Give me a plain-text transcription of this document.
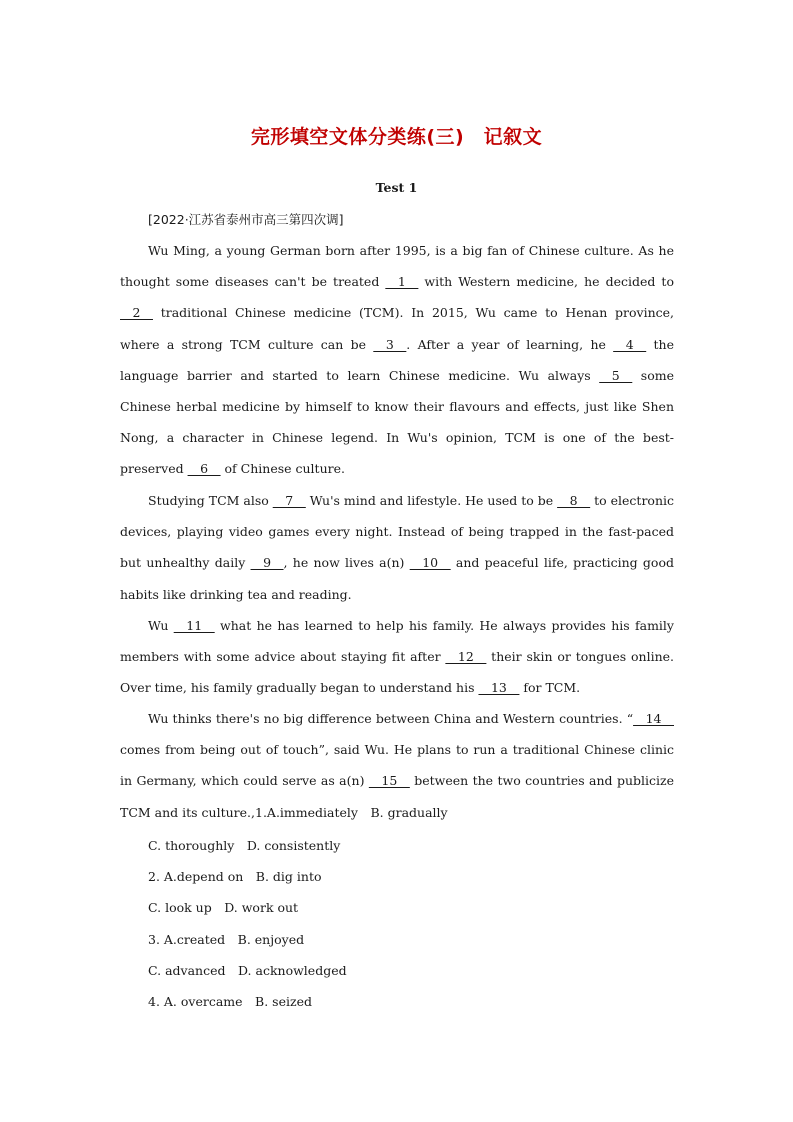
完形填空文体分类练(三)　记叙文
Test 1
[2022·江苏省泰州市高三第四次调]

Wu Ming, a young German born after 1995, is a big fan of Chinese culture. As he thought some diseases can't be treated __1__ with Western medicine, he decided to __2__ traditional Chinese medicine (TCM). In 2015, Wu came to Henan province, where a strong TCM culture can be __3__. After a year of learning, he __4__ the language barrier and started to learn Chinese medicine. Wu always __5__ some Chinese herbal medicine by himself to know their flavours and effects, just like Shen Nong, a character in Chinese legend. In Wu's opinion, TCM is one of the best-preserved __6__ of Chinese culture.

Studying TCM also __7__ Wu's mind and lifestyle. He used to be __8__ to electronic devices, playing video games every night. Instead of being trapped in the fast-paced but unhealthy daily __9__, he now lives a(n) __10__ and peaceful life, practicing good habits like drinking tea and reading.

Wu __11__ what he has learned to help his family. He always provides his family members with some advice about staying fit after __12__ their skin or tongues online. Over time, his family gradually began to understand his __13__ for TCM.

Wu thinks there's no big difference between China and Western countries. “__14__ comes from being out of touch”, said Wu. He plans to run a traditional Chinese clinic in Germany, which could serve as a(n) __15__ between the two countries and publicize TCM and its culture.,1.A.immediately　B. gradually

C. thoroughly　D. consistently
2. A.depend on　B. dig into
C. look up　D. work out
3. A.created　B. enjoyed
C. advanced　D. acknowledged
4. A. overcame　B. seized
